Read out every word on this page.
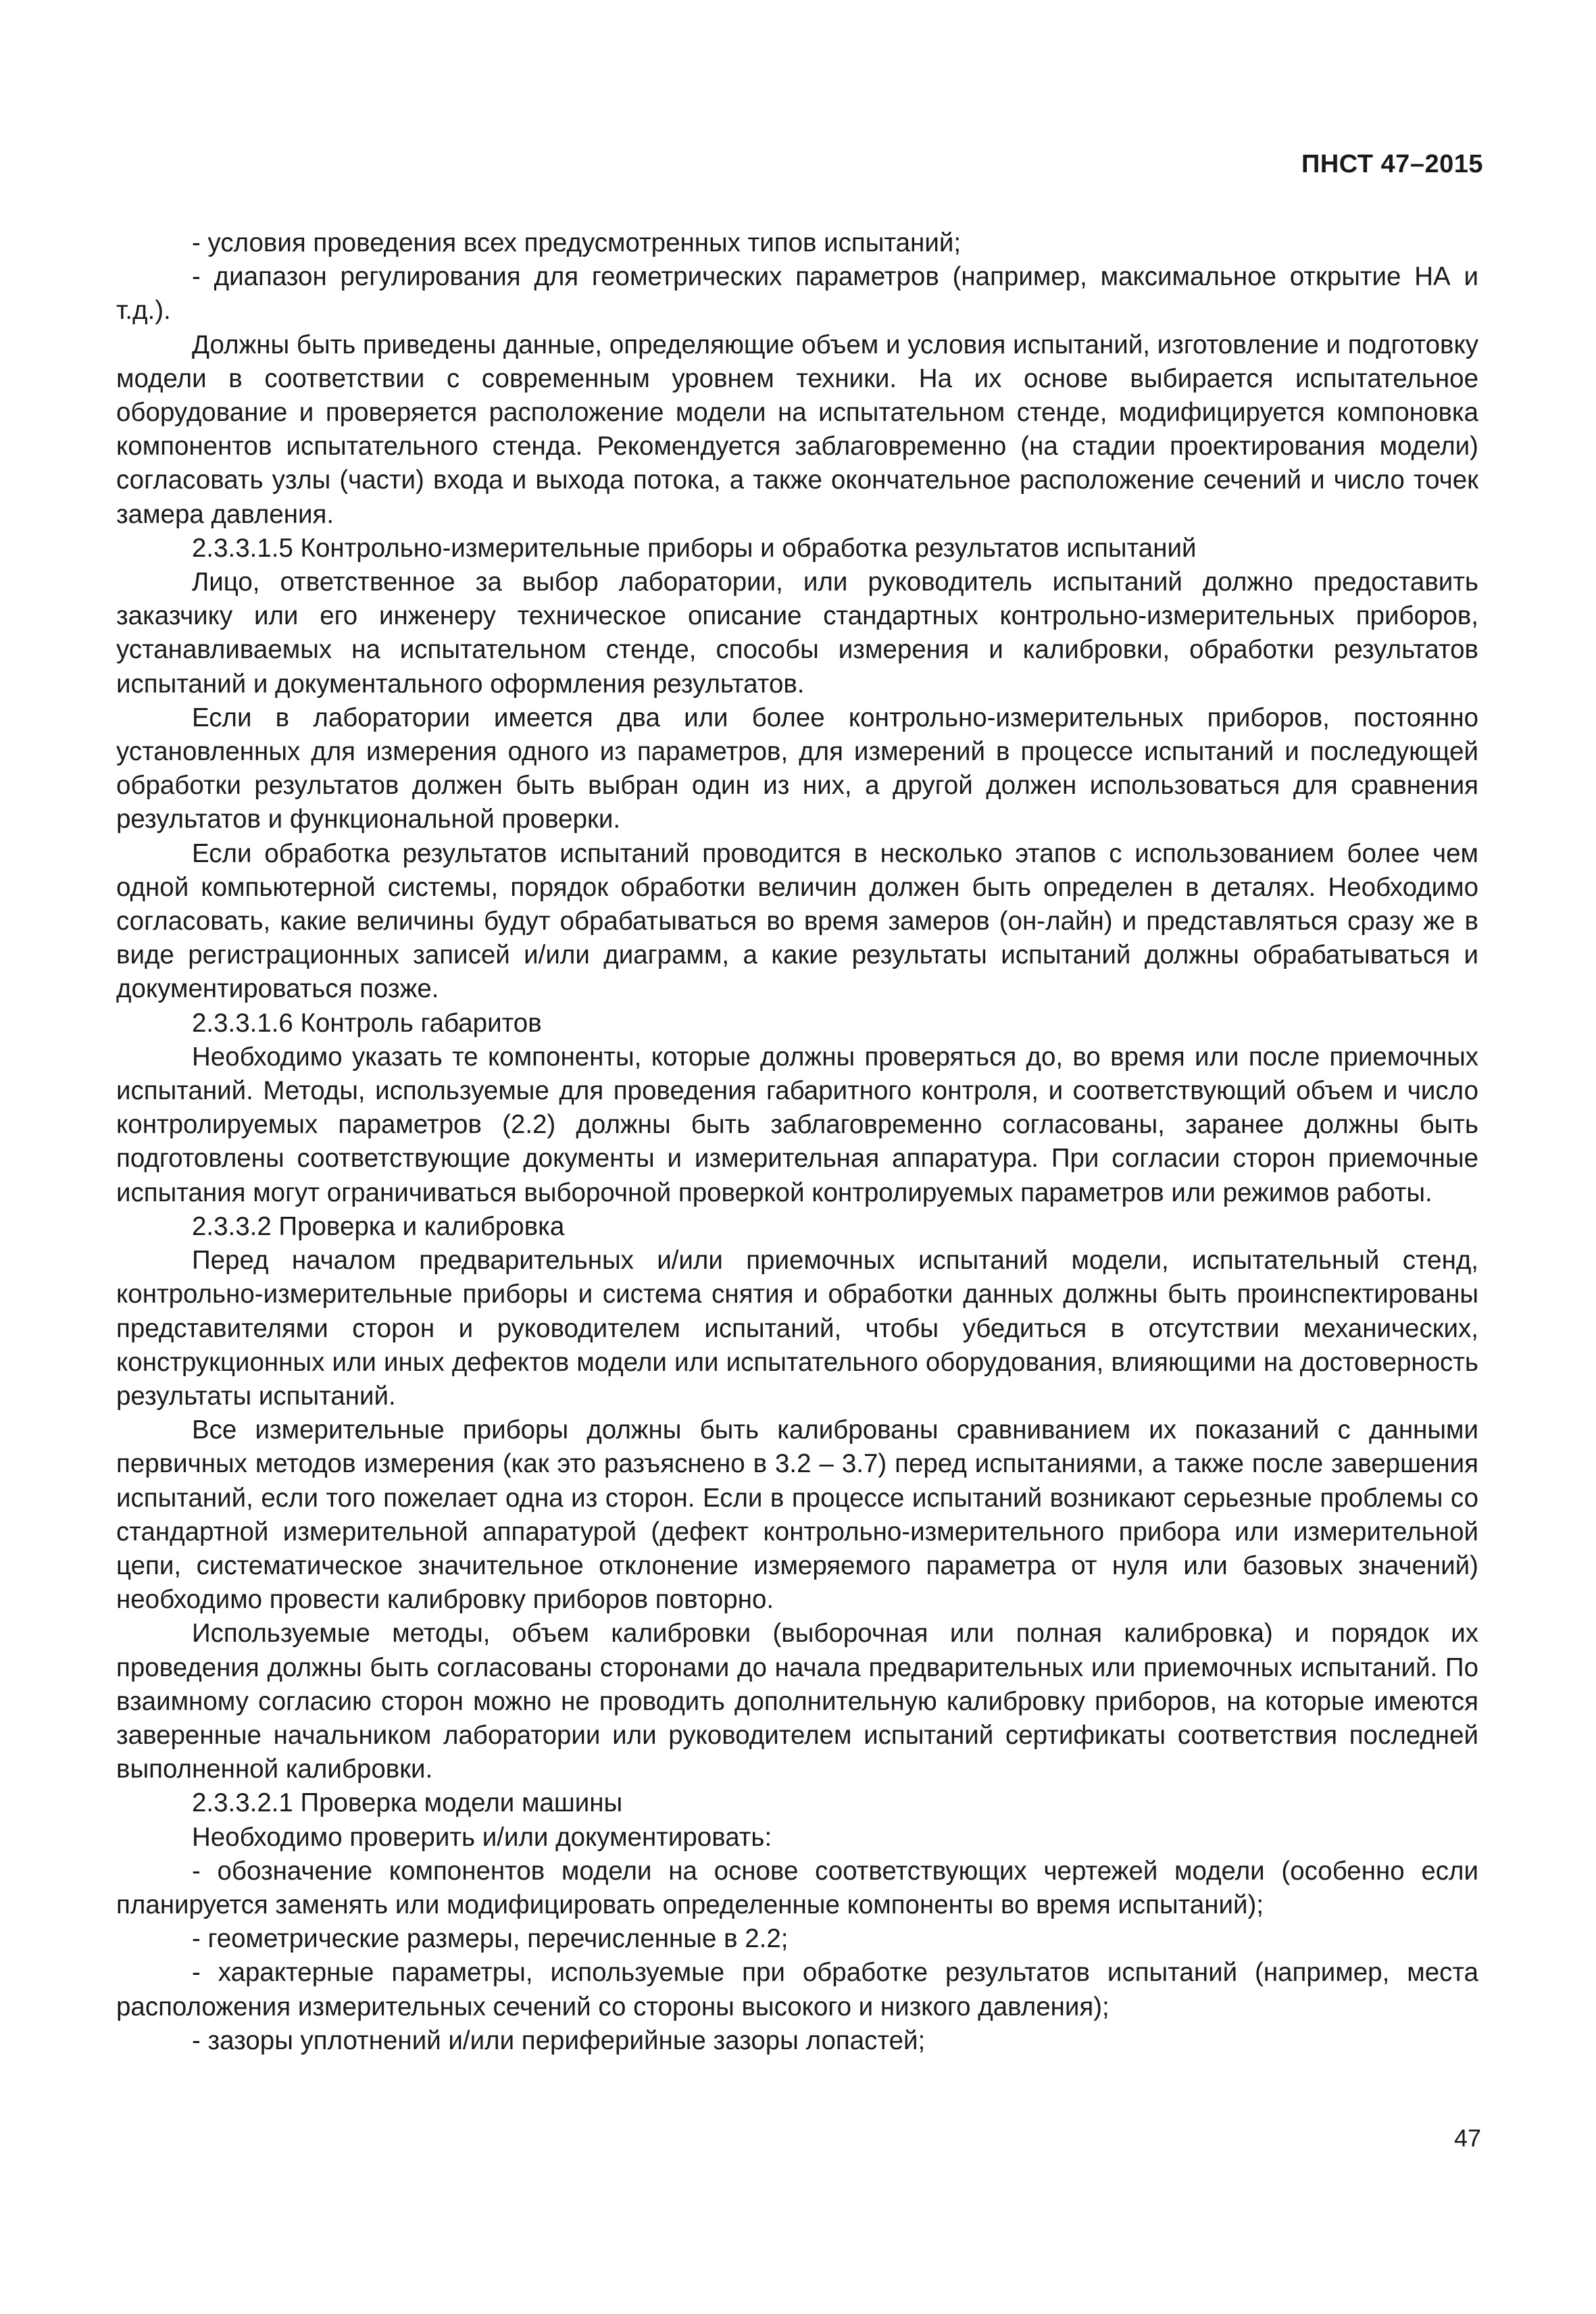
ПНСТ 47–2015

- условия проведения всех предусмотренных типов испытаний;

- диапазон регулирования для геометрических параметров (например, максимальное открытие НА и т.д.).

Должны быть приведены данные, определяющие объем и условия испытаний, изготовление и подготовку модели в соответствии с современным уровнем техники. На их основе выбирается испытательное оборудование и проверяется расположение модели на испытательном стенде, модифицируется компоновка компонентов испытательного стенда. Рекомендуется заблаговременно (на стадии проектирования модели) согласовать узлы (части) входа и выхода потока, а также окончательное расположение сечений и число точек замера давления.

2.3.3.1.5 Контрольно-измерительные приборы и обработка результатов испытаний

Лицо, ответственное за выбор лаборатории, или руководитель испытаний должно предоставить заказчику или его инженеру техническое описание стандартных контрольно-измерительных приборов, устанавливаемых на испытательном стенде, способы измерения и калибровки, обработки результатов испытаний и документального оформления результатов.

Если в лаборатории имеется два или более контрольно-измерительных приборов, постоянно установленных для измерения одного из параметров, для измерений в процессе испытаний и последующей обработки результатов должен быть выбран один из них, а другой должен использоваться для сравнения результатов и функциональной проверки.

Если обработка результатов испытаний проводится в несколько этапов с использованием более чем одной компьютерной системы, порядок обработки величин должен быть определен в деталях. Необходимо согласовать, какие величины будут обрабатываться во время замеров (он-лайн) и представляться сразу же в виде регистрационных записей и/или диаграмм, а какие результаты испытаний должны обрабатываться и документироваться позже.

2.3.3.1.6 Контроль габаритов

Необходимо указать те компоненты, которые должны проверяться до, во время или после приемочных испытаний. Методы, используемые для проведения габаритного контроля, и соответствующий объем и число контролируемых параметров (2.2) должны быть заблаговременно согласованы, заранее должны быть подготовлены соответствующие документы и измерительная аппаратура. При согласии сторон приемочные испытания могут ограничиваться выборочной проверкой контролируемых параметров или режимов работы.

2.3.3.2 Проверка и калибровка

Перед началом предварительных и/или приемочных испытаний модели, испытательный стенд, контрольно-измерительные приборы и система снятия и обработки данных должны быть проинспектированы представителями сторон и руководителем испытаний, чтобы убедиться в отсутствии механических, конструкционных или иных дефектов модели или испытательного оборудования, влияющими на достоверность результаты испытаний.

Все измерительные приборы должны быть калиброваны сравниванием их показаний с данными первичных методов измерения (как это разъяснено в 3.2 – 3.7) перед испытаниями, а также после завершения испытаний, если того пожелает одна из сторон. Если в процессе испытаний возникают серьезные проблемы со стандартной измерительной аппаратурой (дефект контрольно-измерительного прибора или измерительной цепи, систематическое значительное отклонение измеряемого параметра от нуля или базовых значений) необходимо провести калибровку приборов повторно.

Используемые методы, объем калибровки (выборочная или полная калибровка) и порядок их проведения должны быть согласованы сторонами до начала предварительных или приемочных испытаний. По взаимному согласию сторон можно не проводить дополнительную калибровку приборов, на которые имеются заверенные начальником лаборатории или руководителем испытаний сертификаты соответствия последней выполненной калибровки.

2.3.3.2.1 Проверка модели машины

Необходимо проверить и/или документировать:

- обозначение компонентов модели на основе соответствующих чертежей модели (особенно если планируется заменять или модифицировать определенные компоненты во время испытаний);

- геометрические размеры, перечисленные в 2.2;

- характерные параметры, используемые при обработке результатов испытаний (например, места расположения измерительных сечений со стороны высокого и низкого давления);

- зазоры уплотнений и/или периферийные зазоры лопастей;

47
